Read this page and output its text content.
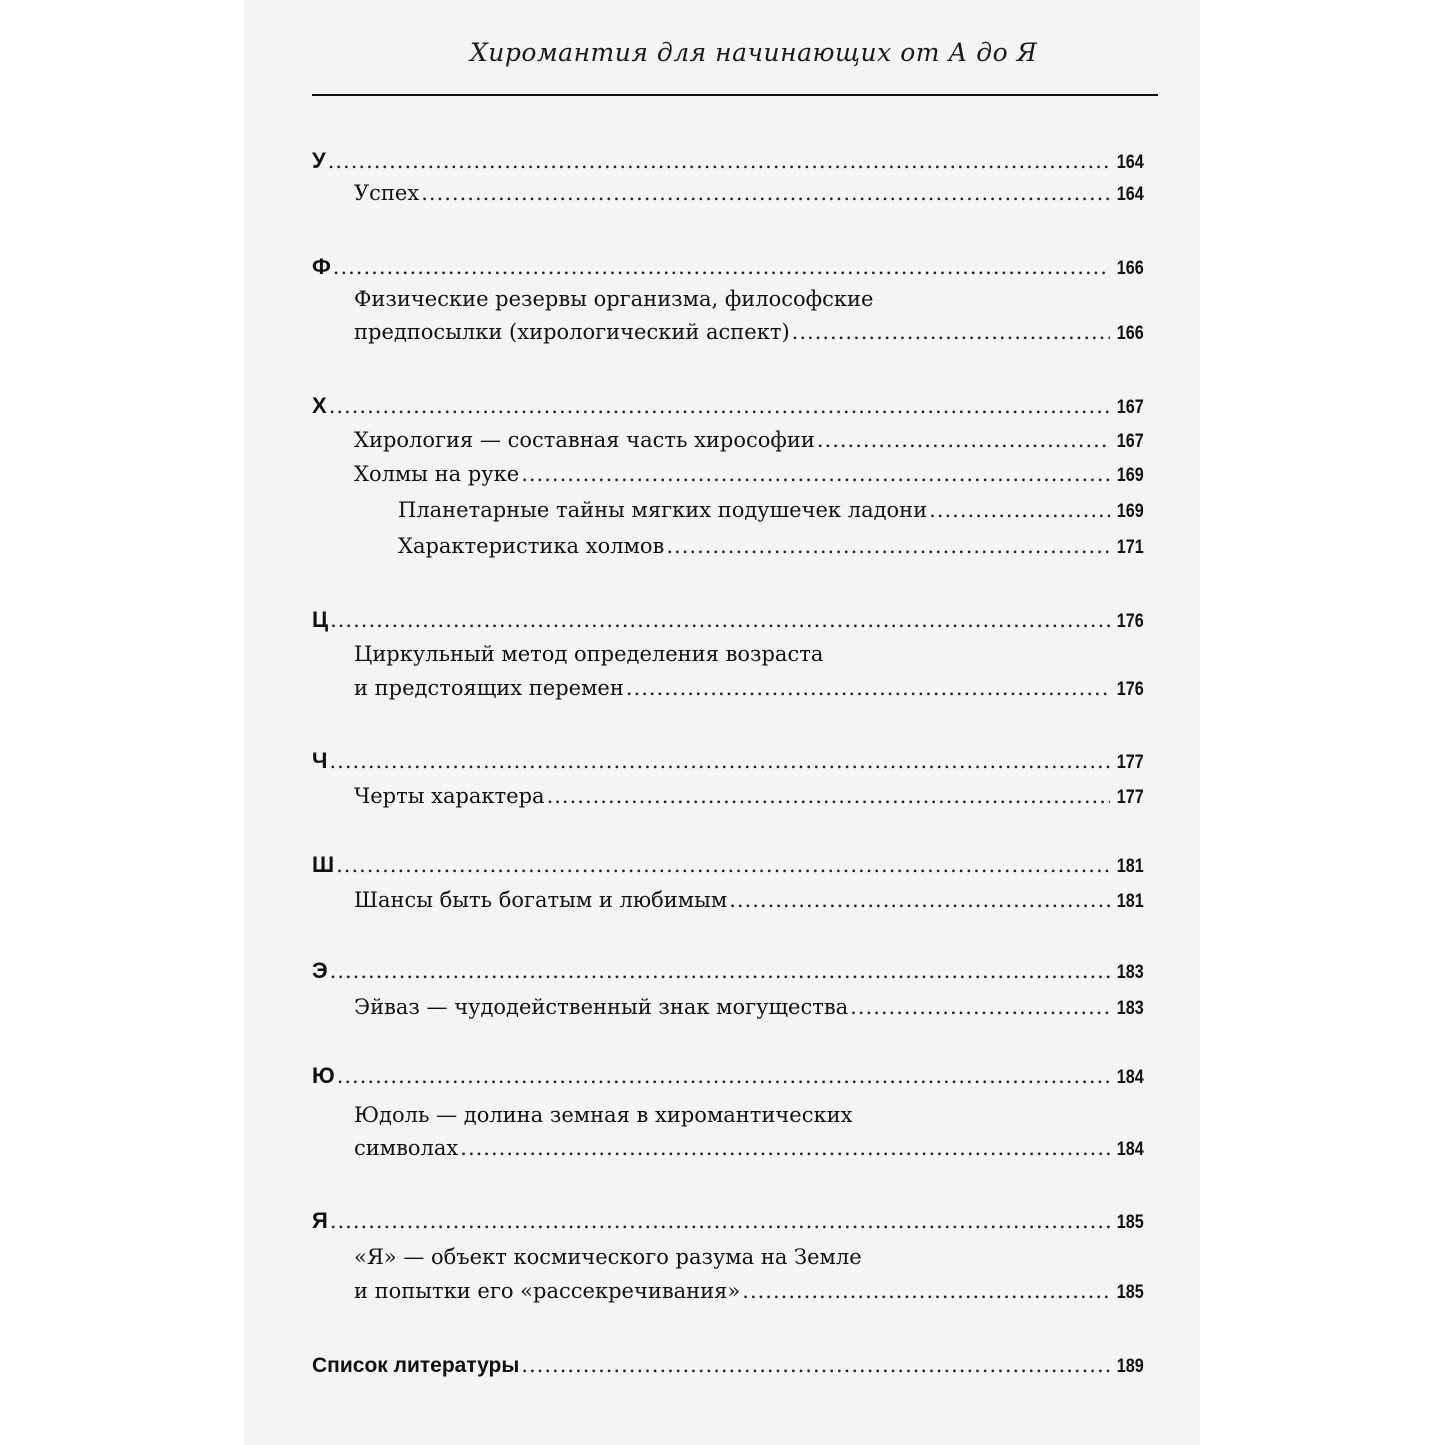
Хиромантия для начинающих от А до Я
У .....	164
Успех .....	164
Ф .....	166
Физические резервы организма, философские
предпосылки (хирологический аспект) .....	166
Х .....	167
Хирология — составная часть хирософии .....	167
Холмы на руке .....	169
Планетарные тайны мягких подушечек ладони .....	169
Характеристика холмов .....	171
Ц .....	176
Циркульный метод определения возраста
и предстоящих перемен .....	176
Ч .....	177
Черты характера .....	177
Ш .....	181
Шансы быть богатым и любимым .....	181
Э .....	183
Эйваз — чудодейственный знак могущества .....	183
Ю .....	184
Юдоль — долина земная в хиромантических
символах .....	184
Я .....	185
«Я» — объект космического разума на Земле
и попытки его «рассекречивания» .....	185
Список литературы .....	189
